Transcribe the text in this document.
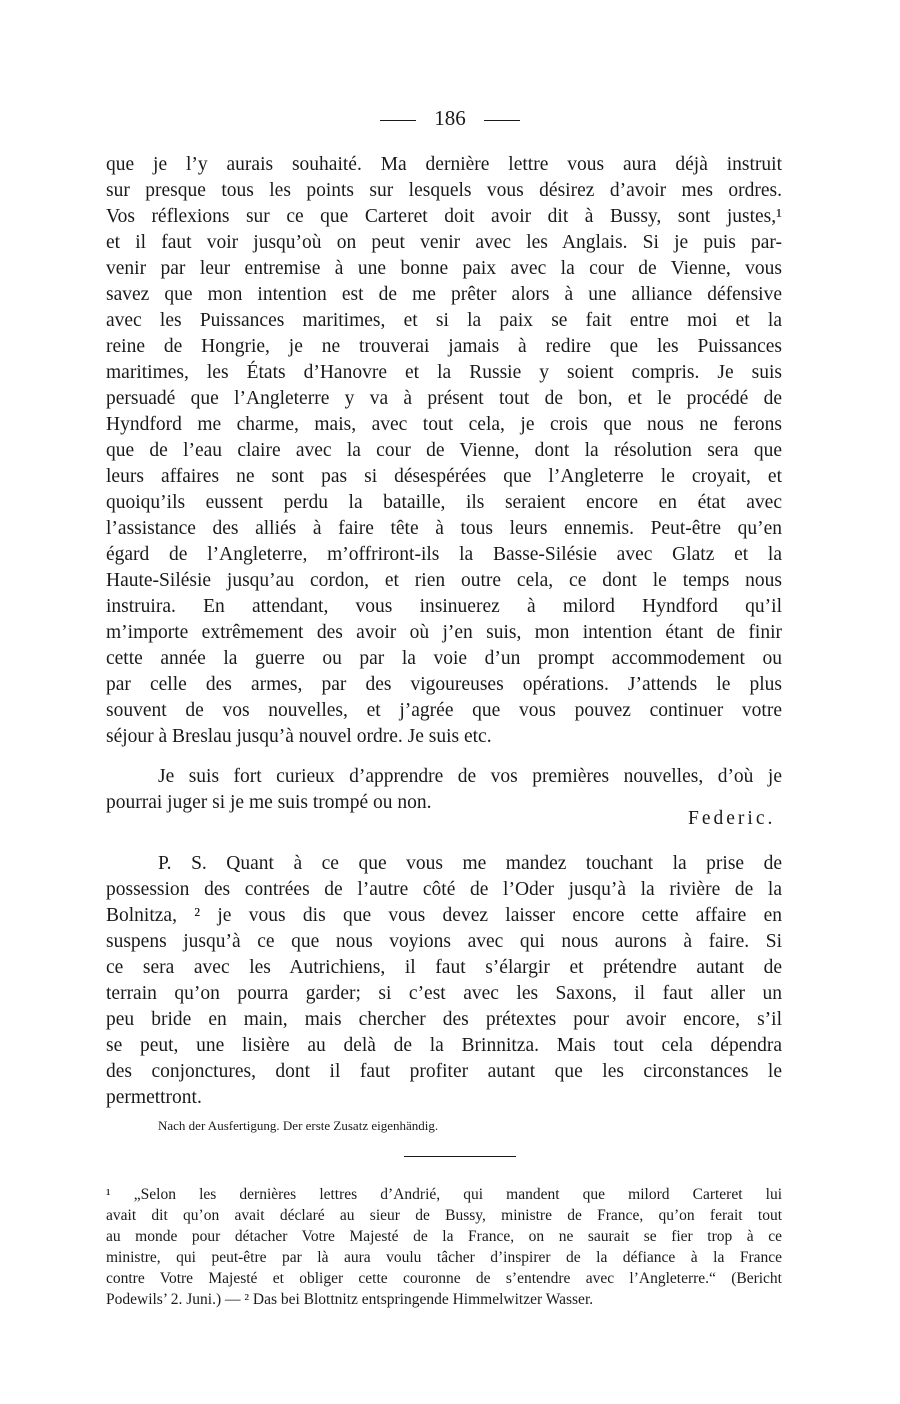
186
que je l’y aurais souhaité. Ma dernière lettre vous aura déjà instruit
sur presque tous les points sur lesquels vous désirez d’avoir mes ordres.
Vos réflexions sur ce que Carteret doit avoir dit à Bussy, sont justes,¹
et il faut voir jusqu’où on peut venir avec les Anglais. Si je puis par-
venir par leur entremise à une bonne paix avec la cour de Vienne, vous
savez que mon intention est de me prêter alors à une alliance défensive
avec les Puissances maritimes, et si la paix se fait entre moi et la
reine de Hongrie, je ne trouverai jamais à redire que les Puissances
maritimes, les États d’Hanovre et la Russie y soient compris. Je suis
persuadé que l’Angleterre y va à présent tout de bon, et le procédé de
Hyndford me charme, mais, avec tout cela, je crois que nous ne ferons
que de l’eau claire avec la cour de Vienne, dont la résolution sera que
leurs affaires ne sont pas si désespérées que l’Angleterre le croyait, et
quoiqu’ils eussent perdu la bataille, ils seraient encore en état avec
l’assistance des alliés à faire tête à tous leurs ennemis. Peut-être qu’en
égard de l’Angleterre, m’offriront-ils la Basse-Silésie avec Glatz et la
Haute-Silésie jusqu’au cordon, et rien outre cela, ce dont le temps nous
instruira. En attendant, vous insinuerez à milord Hyndford qu’il
m’importe extrêmement des avoir où j’en suis, mon intention étant de finir
cette année la guerre ou par la voie d’un prompt accommodement ou
par celle des armes, par des vigoureuses opérations. J’attends le plus
souvent de vos nouvelles, et j’agrée que vous pouvez continuer votre
séjour à Breslau jusqu’à nouvel ordre. Je suis etc.
Je suis fort curieux d’apprendre de vos premières nouvelles, d’où je
pourrai juger si je me suis trompé ou non.
Federic.
P. S. Quant à ce que vous me mandez touchant la prise de
possession des contrées de l’autre côté de l’Oder jusqu’à la rivière de la
Bolnitza, ² je vous dis que vous devez laisser encore cette affaire en
suspens jusqu’à ce que nous voyions avec qui nous aurons à faire. Si
ce sera avec les Autrichiens, il faut s’élargir et prétendre autant de
terrain qu’on pourra garder; si c’est avec les Saxons, il faut aller un
peu bride en main, mais chercher des prétextes pour avoir encore, s’il
se peut, une lisière au delà de la Brinnitza. Mais tout cela dépendra
des conjonctures, dont il faut profiter autant que les circonstances le
permettront.
Nach der Ausfertigung. Der erste Zusatz eigenhändig.
¹ „Selon les dernières lettres d’Andrié, qui mandent que milord Carteret lui
avait dit qu’on avait déclaré au sieur de Bussy, ministre de France, qu’on ferait tout
au monde pour détacher Votre Majesté de la France, on ne saurait se fier trop à ce
ministre, qui peut-être par là aura voulu tâcher d’inspirer de la défiance à la France
contre Votre Majesté et obliger cette couronne de s’entendre avec l’Angleterre.“ (Bericht
Podewils’ 2. Juni.) — ² Das bei Blottnitz entspringende Himmelwitzer Wasser.
